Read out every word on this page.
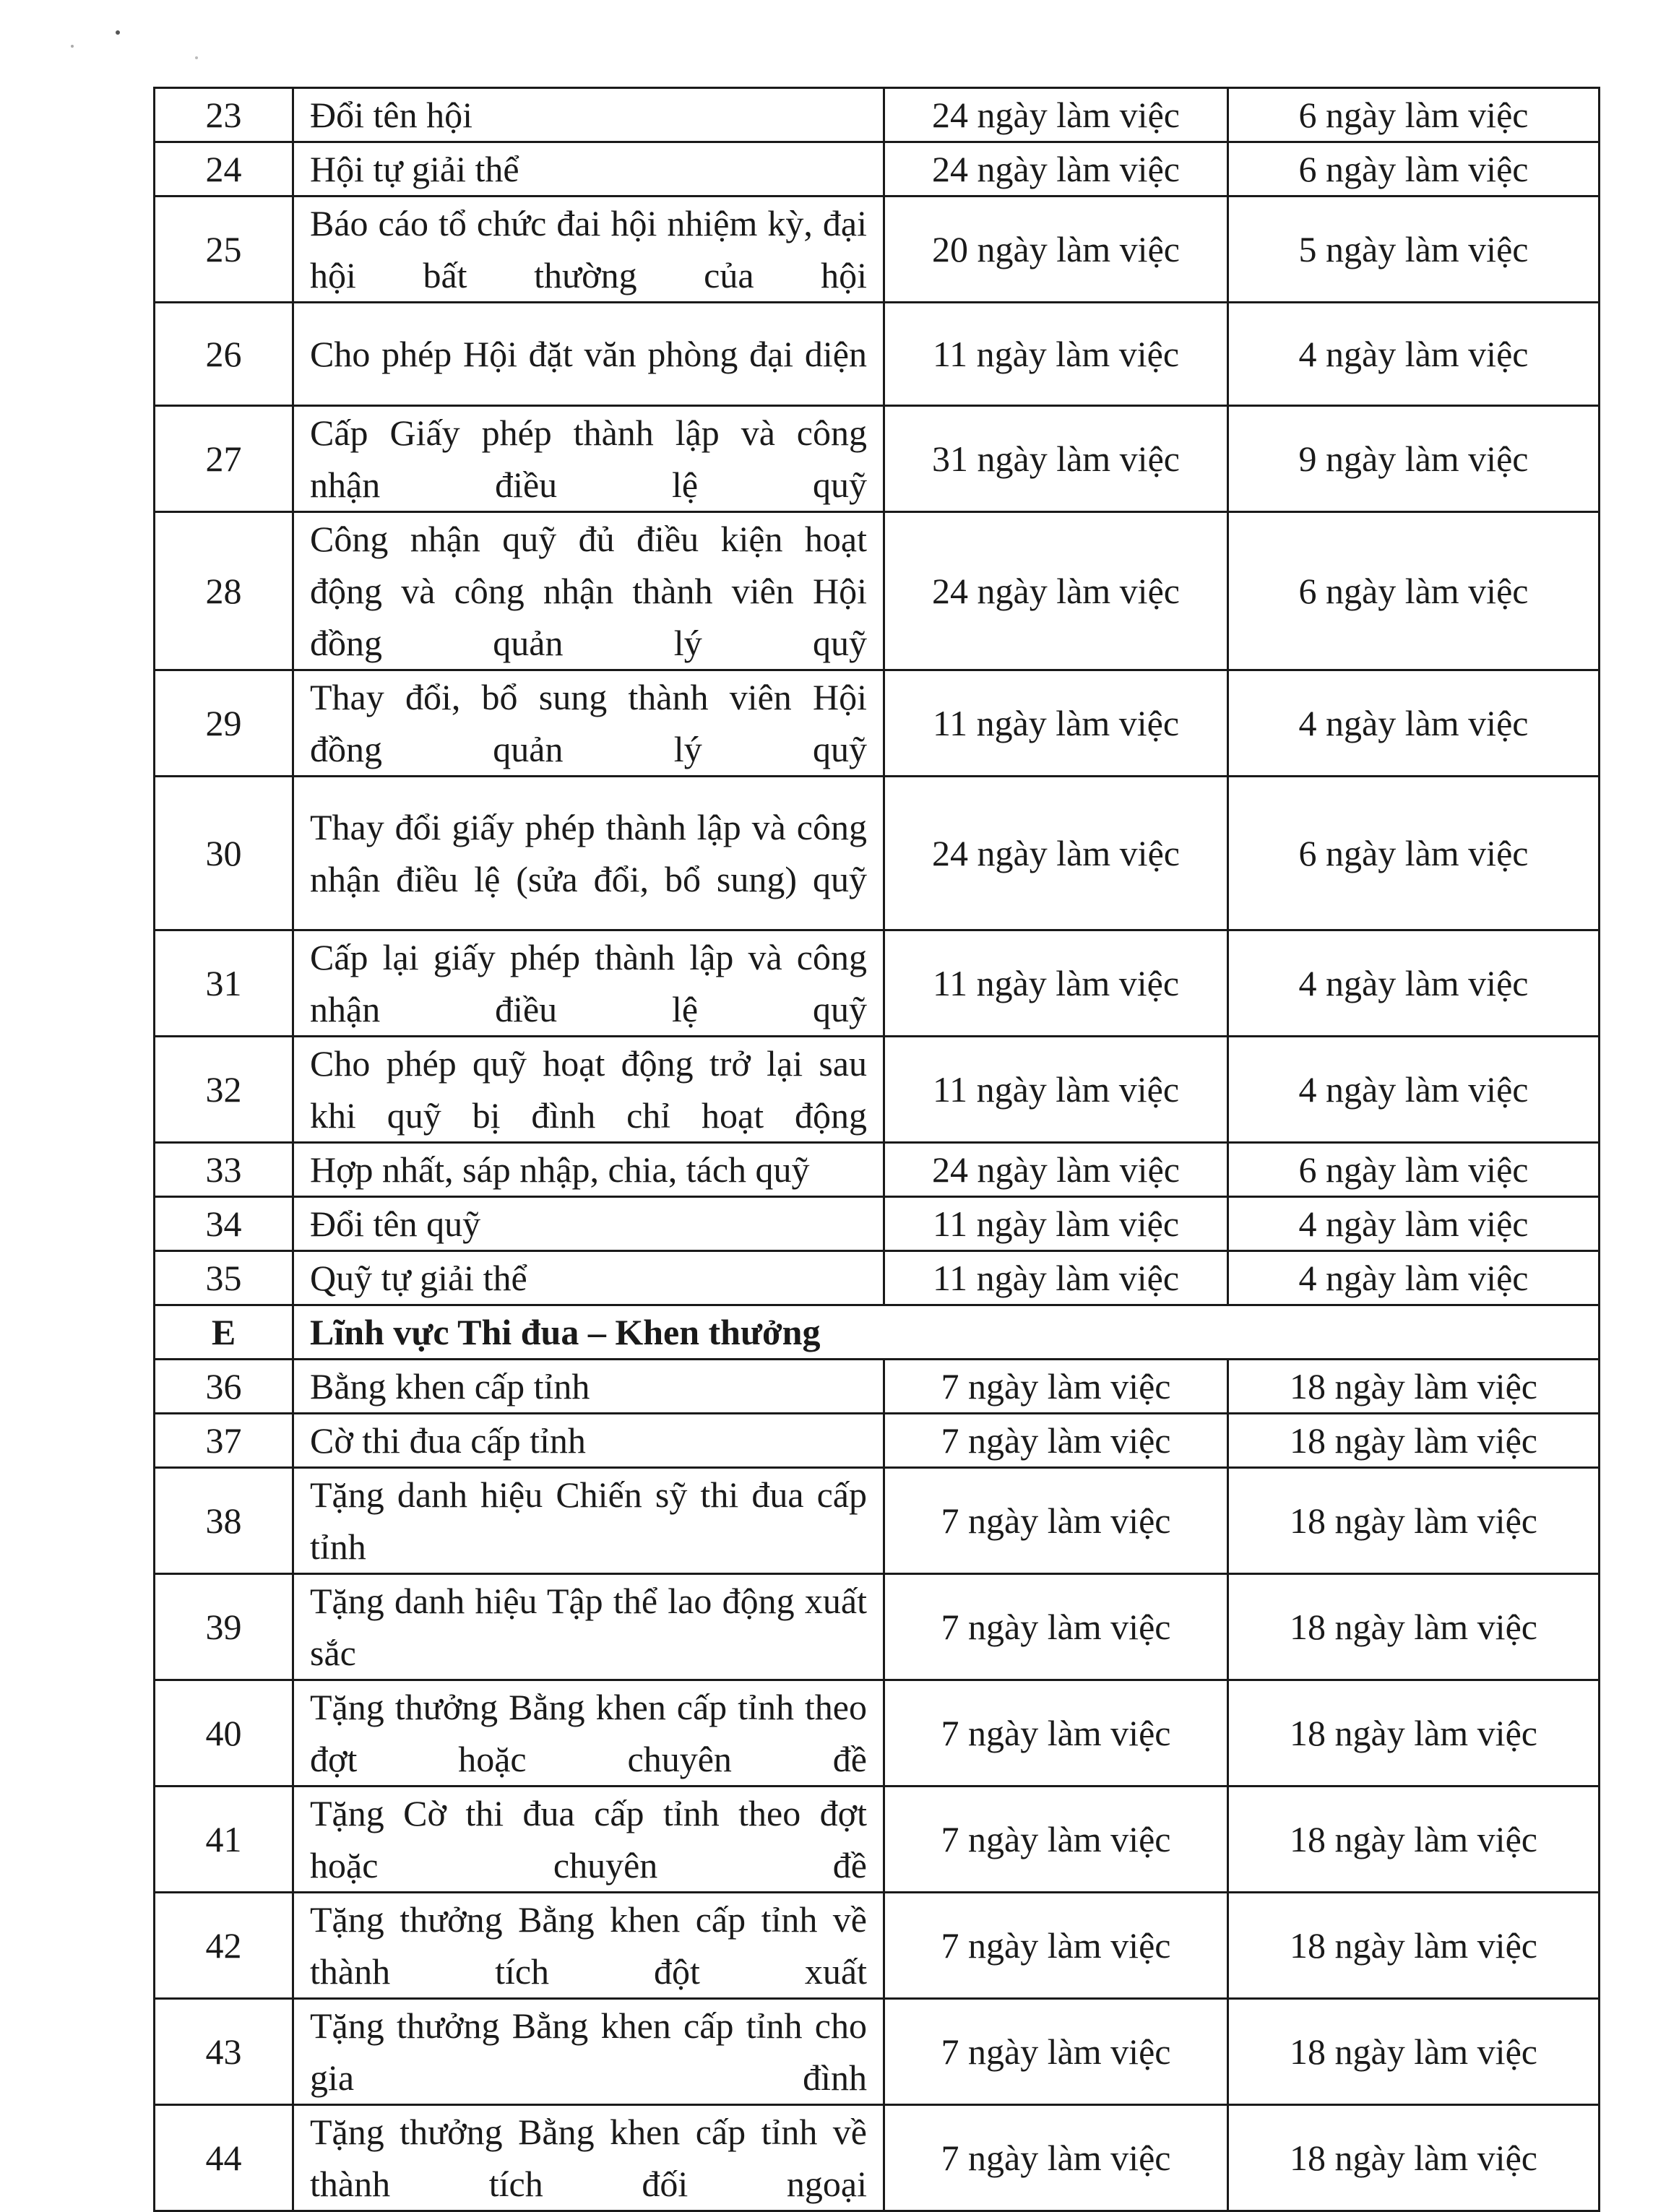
23	Đổi tên hội	24 ngày làm việc	6 ngày làm việc
24	Hội tự giải thể	24 ngày làm việc	6 ngày làm việc
25	Báo cáo tổ chức đai hội nhiệm kỳ, đại hội bất thường của hội	20 ngày làm việc	5 ngày làm việc
26	Cho phép Hội đặt văn phòng đại diện	11 ngày làm việc	4 ngày làm việc
27	Cấp Giấy phép thành lập và công nhận điều lệ quỹ	31 ngày làm việc	9 ngày làm việc
28	Công nhận quỹ đủ điều kiện hoạt động và công nhận thành viên Hội đồng quản lý quỹ	24 ngày làm việc	6 ngày làm việc
29	Thay đổi, bổ sung thành viên Hội đồng quản lý quỹ	11 ngày làm việc	4 ngày làm việc
30	Thay đổi giấy phép thành lập và công nhận điều lệ (sửa đổi, bổ sung) quỹ	24 ngày làm việc	6 ngày làm việc
31	Cấp lại giấy phép thành lập và công nhận điều lệ quỹ	11 ngày làm việc	4 ngày làm việc
32	Cho phép quỹ hoạt động trở lại sau khi quỹ bị đình chỉ hoạt động	11 ngày làm việc	4 ngày làm việc
33	Hợp nhất, sáp nhập, chia, tách quỹ	24 ngày làm việc	6 ngày làm việc
34	Đổi tên quỹ	11 ngày làm việc	4 ngày làm việc
35	Quỹ tự giải thể	11 ngày làm việc	4 ngày làm việc
E	Lĩnh vực Thi đua – Khen thưởng		
36	Bằng khen cấp tỉnh	7 ngày làm việc	18 ngày làm việc
37	Cờ thi đua cấp tỉnh	7 ngày làm việc	18 ngày làm việc
38	Tặng danh hiệu Chiến sỹ thi đua cấp tỉnh	7 ngày làm việc	18 ngày làm việc
39	Tặng danh hiệu Tập thể lao động xuất sắc	7 ngày làm việc	18 ngày làm việc
40	Tặng thưởng Bằng khen cấp tỉnh theo đợt hoặc chuyên đề	7 ngày làm việc	18 ngày làm việc
41	Tặng Cờ thi đua cấp tỉnh theo đợt hoặc chuyên đề	7 ngày làm việc	18 ngày làm việc
42	Tặng thưởng Bằng khen cấp tỉnh về thành tích đột xuất	7 ngày làm việc	18 ngày làm việc
43	Tặng thưởng Bằng khen cấp tỉnh cho gia đình	7 ngày làm việc	18 ngày làm việc
44	Tặng thưởng Bằng khen cấp tỉnh về thành tích đối ngoại	7 ngày làm việc	18 ngày làm việc
